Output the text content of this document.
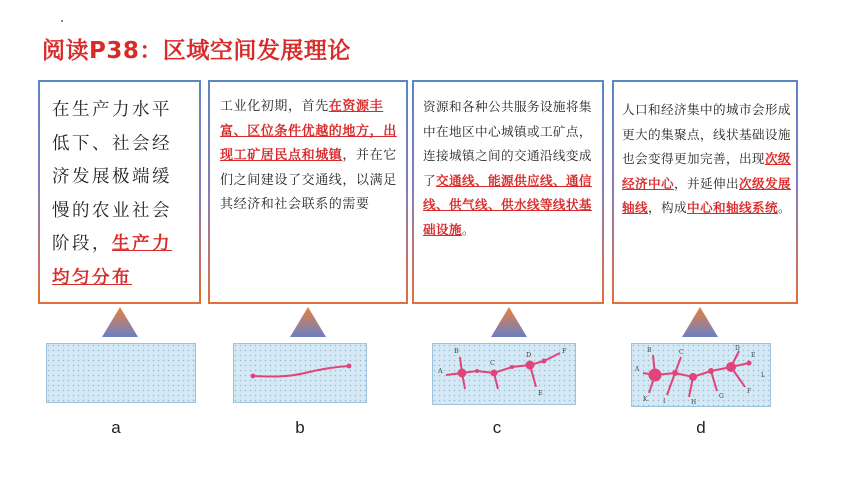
阅读P38：区域空间发展理论

在生产力水平低下、社会经济发展极端缓慢的农业社会阶段，生产力均匀分布

工业化初期，首先在资源丰富、区位条件优越的地方，出现工矿居民点和城镇，并在它们之间建设了交通线，以满足其经济和社会联系的需要

资源和各种公共服务设施将集中在地区中心城镇或工矿点，连接城镇之间的交通沿线变成了交通线、能源供应线、通信线、供气线、供水线等线状基础设施。

人口和经济集中的城市会形成更大的集聚点，线状基础设施也会变得更加完善，出现次级经济中心，并延伸出次级发展轴线，构成中心和轴线系统。

A
B
C
D
E
F
A
B	C
D
E
F
G
H
I
K
L
a	b	c	d
